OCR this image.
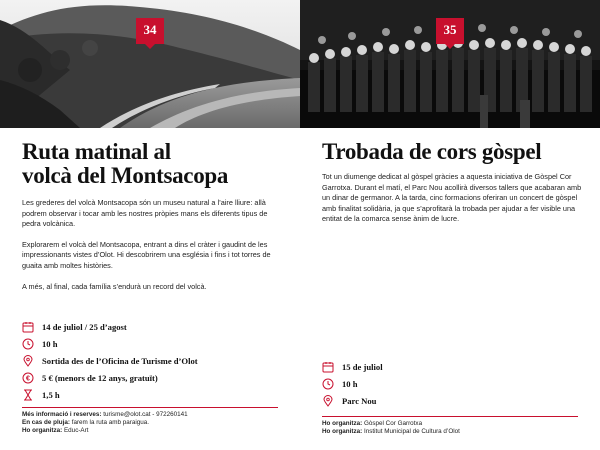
34
Ruta matinal al
volcà del Montsacopa

Les grederes del volcà Montsacopa són un museu natural a l’aire lliure: allà podrem observar i tocar amb les nostres pròpies mans els diferents tipus de pedra volcànica.

Explorarem el volcà del Montsacopa, entrant a dins el cràter i gaudint de les impressionants vistes d’Olot. Hi descobrirem una església i fins i tot torres de guaita amb moltes històries.

A més, al final, cada família s’endurà un record del volcà.

14 de juliol / 25 d’agost
10 h
Sortida des de l’Oficina de Turisme d’Olot
€ 5 € (menors de 12 anys, gratuït)
1,5 h
Més informació i reserves: turisme@olot.cat - 972260141
En cas de pluja: farem la ruta amb paraigua.
Ho organitza: Educ-Art
35
Trobada de cors gòspel

Tot un diumenge dedicat al gòspel gràcies a aquesta iniciativa de Gòspel Cor Garrotxa. Durant el matí, el Parc Nou acollirà diversos tallers que acabaran amb un dinar de germanor. A la tarda, cinc formacions oferiran un concert de gòspel amb finalitat solidària, ja que s’aprofitarà la trobada per ajudar a fer visible una entitat de la comarca sense ànim de lucre.

15 de juliol
10 h
Parc Nou
Ho organitza: Gòspel Cor Garrotxa
Ho organitza: Institut Municipal de Cultura d’Olot
